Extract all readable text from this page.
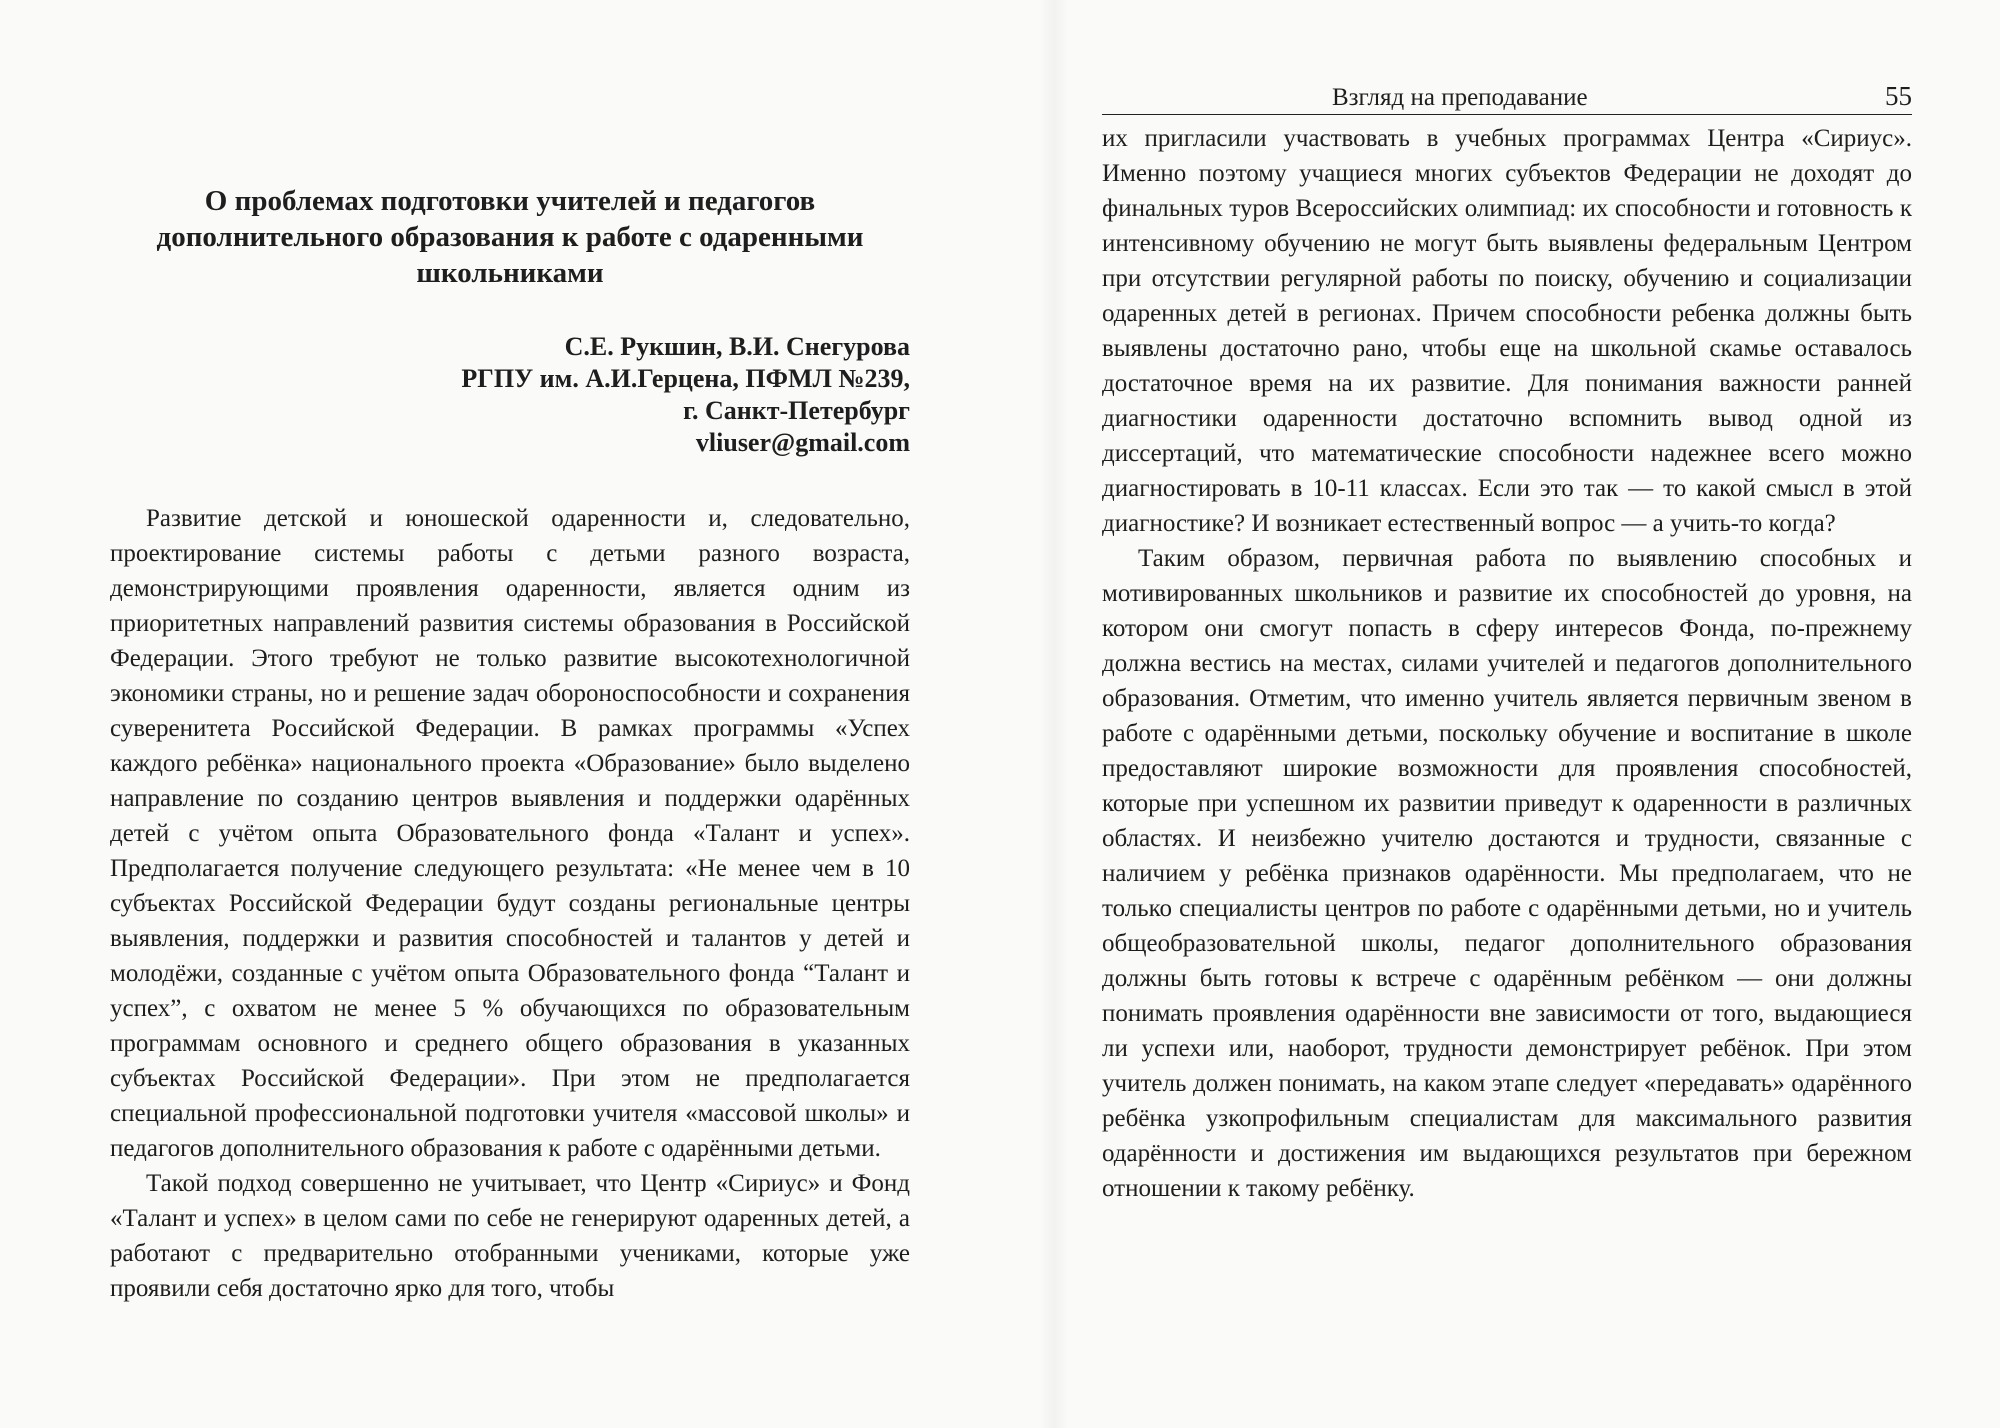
О проблемах подготовки учителей и педагогов дополнительного образования к работе с одаренными школьниками
С.Е. Рукшин, В.И. Снегурова
РГПУ им. А.И.Герцена, ПФМЛ №239,
г. Санкт-Петербург
vliuser@gmail.com

Развитие детской и юношеской одаренности и, следовательно, проектирование системы работы с детьми разного возраста, демонстрирующими проявления одаренности, является одним из приоритетных направлений развития системы образования в Российской Федерации. Этого требуют не только развитие высокотехнологичной экономики страны, но и решение задач обороноспособности и сохранения суверенитета Российской Федерации. В рамках программы «Успех каждого ребёнка» национального проекта «Образование» было выделено направление по созданию центров выявления и поддержки одарённых детей с учётом опыта Образовательного фонда «Талант и успех». Предполагается получение следующего результата: «Не менее чем в 10 субъектах Российской Федерации будут созданы региональные центры выявления, поддержки и развития способностей и талантов у детей и молодёжи, созданные с учётом опыта Образовательного фонда “Талант и успех”, с охватом не менее 5 % обучающихся по образовательным программам основного и среднего общего образования в указанных субъектах Российской Федерации». При этом не предполагается специальной профессиональной подготовки учителя «массовой школы» и педагогов дополнительного образования к работе с одарёнными детьми.

Такой подход совершенно не учитывает, что Центр «Сириус» и Фонд «Талант и успех» в целом сами по себе не генерируют одаренных детей, а работают с предварительно отобранными учениками, которые уже проявили себя достаточно ярко для того, чтобы

Взгляд на преподавание	55

их пригласили участвовать в учебных программах Центра «Сириус». Именно поэтому учащиеся многих субъектов Федерации не доходят до финальных туров Всероссийских олимпиад: их способности и готовность к интенсивному обучению не могут быть выявлены федеральным Центром при отсутствии регулярной работы по поиску, обучению и социализации одаренных детей в регионах. Причем способности ребенка должны быть выявлены достаточно рано, чтобы еще на школьной скамье оставалось достаточное время на их развитие. Для понимания важности ранней диагностики одаренности достаточно вспомнить вывод одной из диссертаций, что математические способности надежнее всего можно диагностировать в 10-11 классах. Если это так — то какой смысл в этой диагностике? И возникает естественный вопрос — а учить-то когда?

Таким образом, первичная работа по выявлению способных и мотивированных школьников и развитие их способностей до уровня, на котором они смогут попасть в сферу интересов Фонда, по-прежнему должна вестись на местах, силами учителей и педагогов дополнительного образования. Отметим, что именно учитель является первичным звеном в работе с одарёнными детьми, поскольку обучение и воспитание в школе предоставляют широкие возможности для проявления способностей, которые при успешном их развитии приведут к одаренности в различных областях. И неизбежно учителю достаются и трудности, связанные с наличием у ребёнка признаков одарённости. Мы предполагаем, что не только специалисты центров по работе с одарёнными детьми, но и учитель общеобразовательной школы, педагог дополнительного образования должны быть готовы к встрече с одарённым ребёнком — они должны понимать проявления одарённости вне зависимости от того, выдающиеся ли успехи или, наоборот, трудности демонстрирует ребёнок. При этом учитель должен понимать, на каком этапе следует «передавать» одарённого ребёнка узкопрофильным специалистам для максимального развития одарённости и достижения им выдающихся результатов при бережном отношении к такому ребёнку.
